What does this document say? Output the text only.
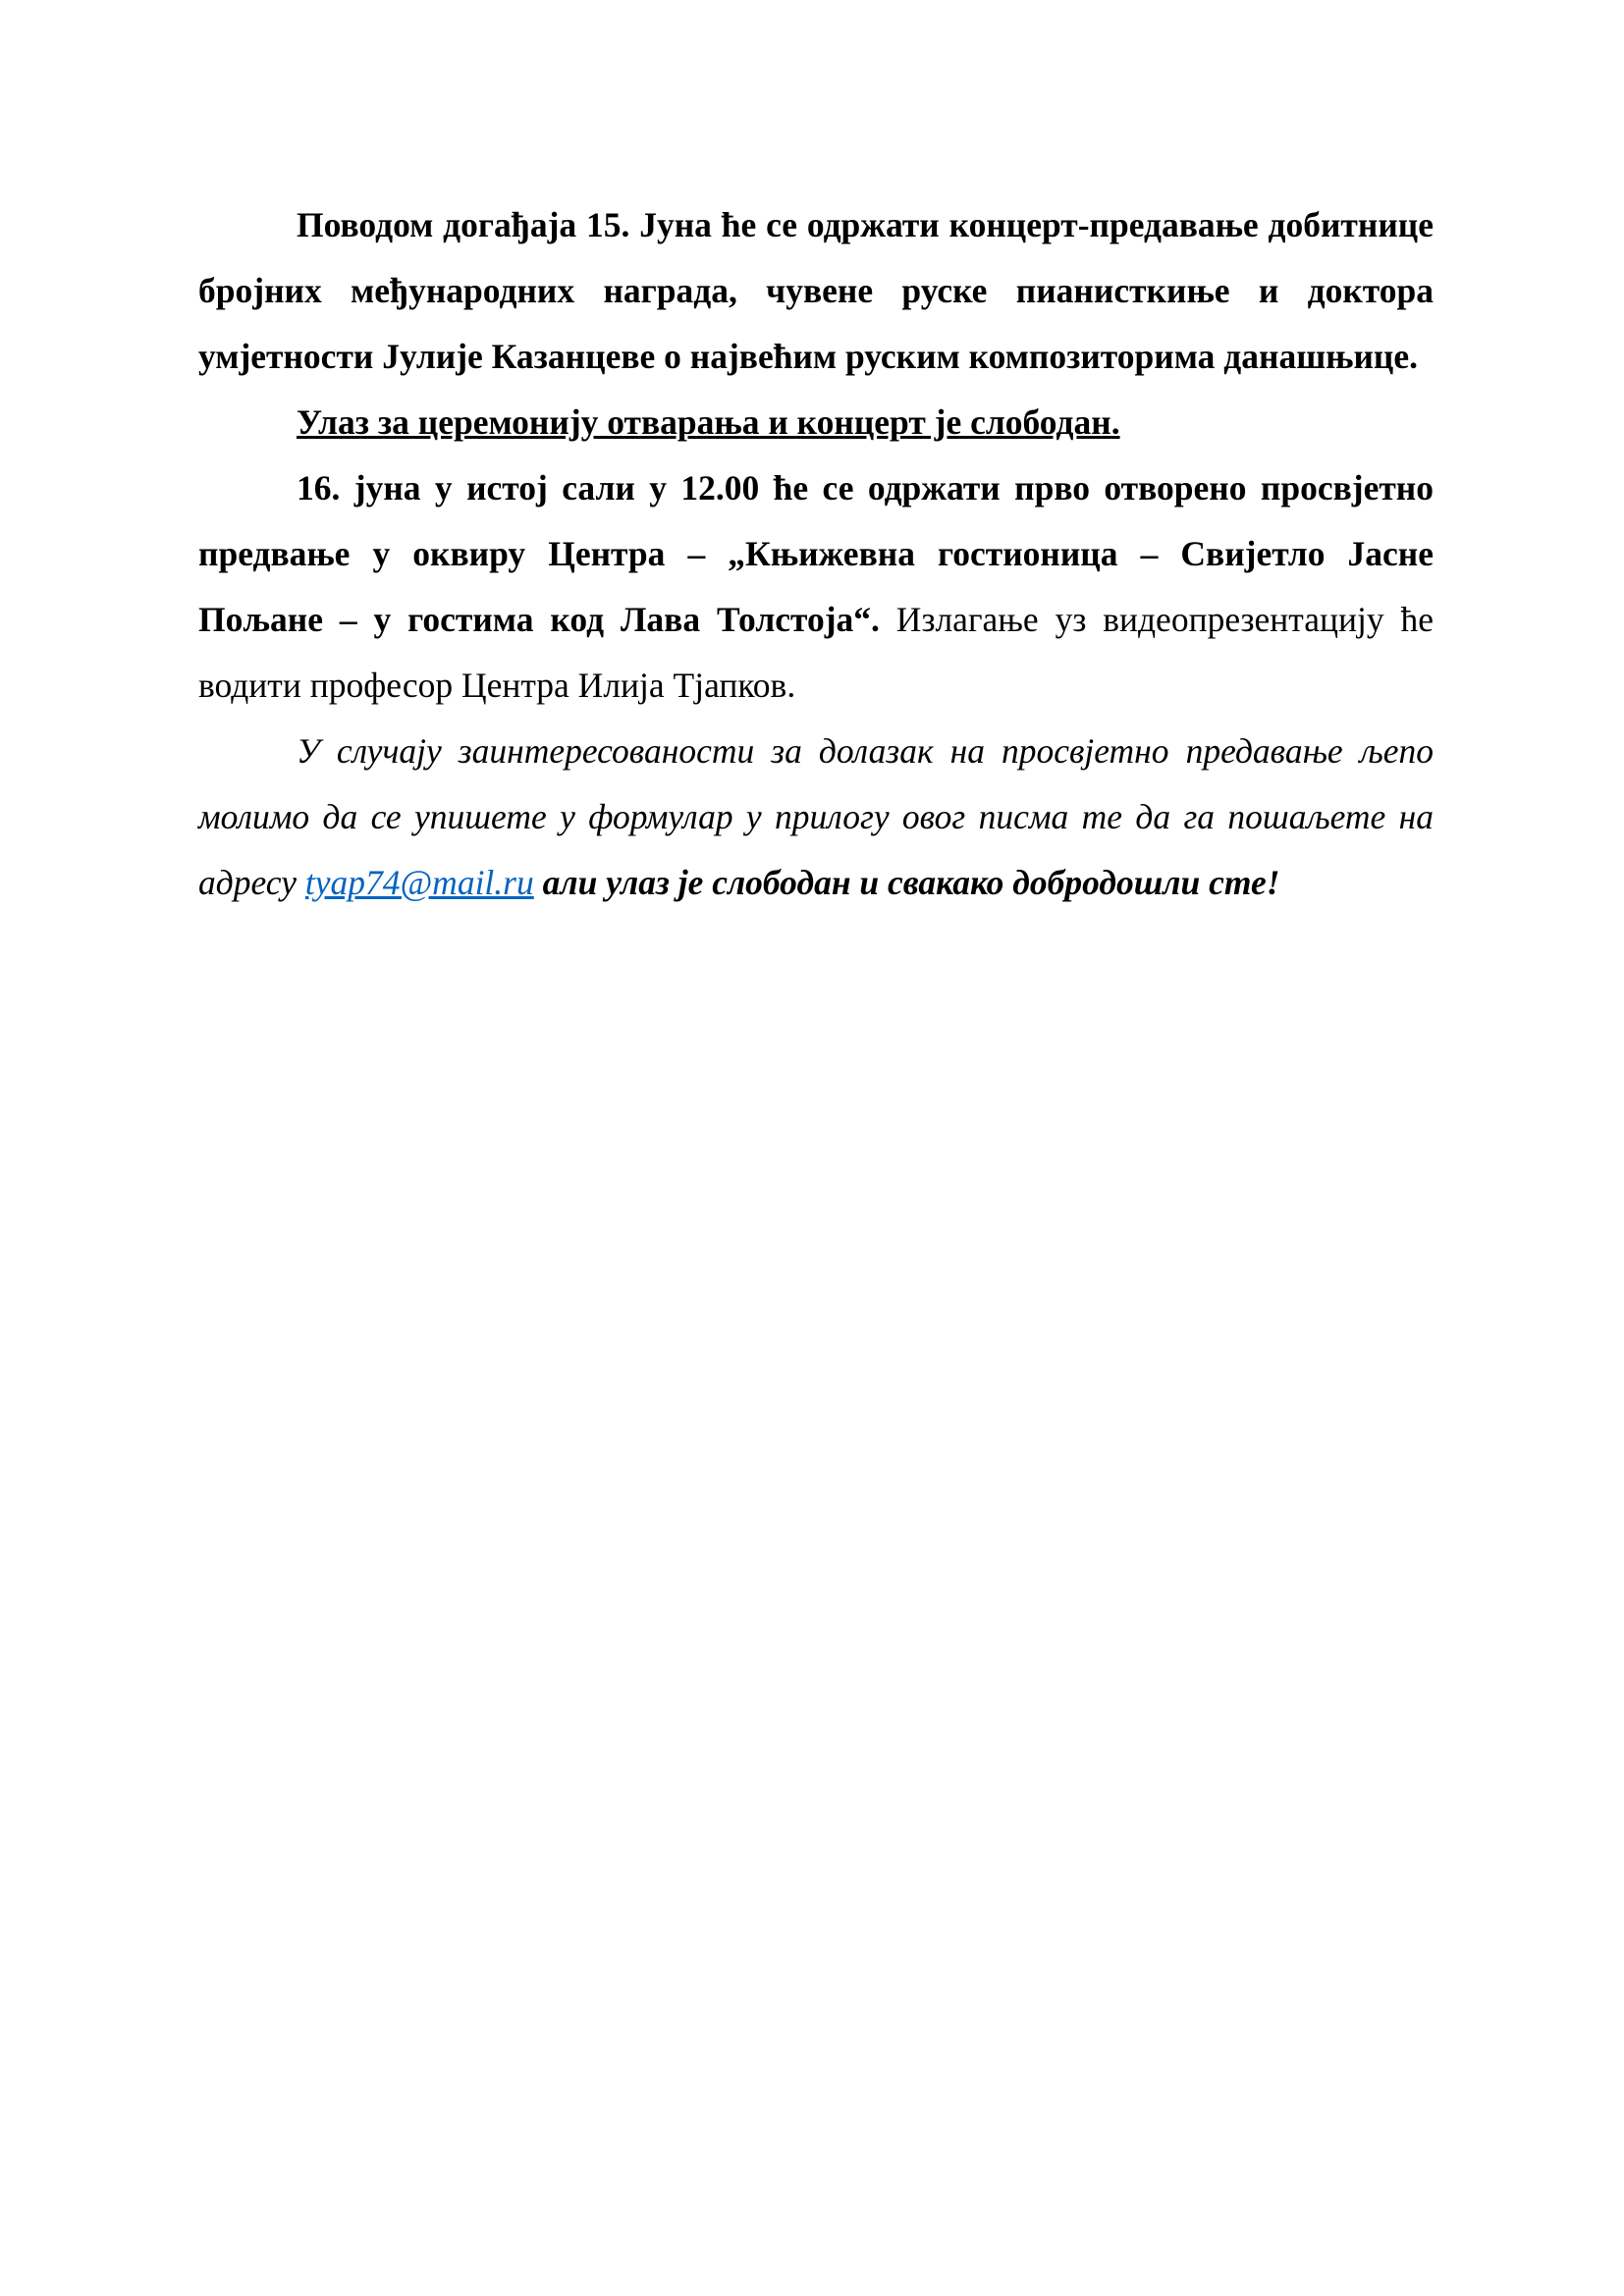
Поводом догађаја 15. Јуна ће се одржати концерт-предавање добитнице бројних међународних награда, чувене руске пианисткиње и доктора умјетности Јулије Казанцеве о највећим руским композиторима данашњице.

Улаз за церемонију отварања и концерт је слободан.

16. јуна у истој сали у 12.00 ће се одржати прво отворено просвјетно предвање у оквиру Центра – „Књижевна гостионица – Свијетло Јасне Пољане – у гостима код Лава Толстоја“. Излагање уз видеопрезентацију ће водити професор Центра Илија Тјапков.

У случају заинтересованости за долазак на просвјетно предавање љепо молимо да се упишете у формулар у прилогу овог писма те да га пошаљете на адресу tyap74@mail.ru али улаз је слободан и свакако добродошли сте!
